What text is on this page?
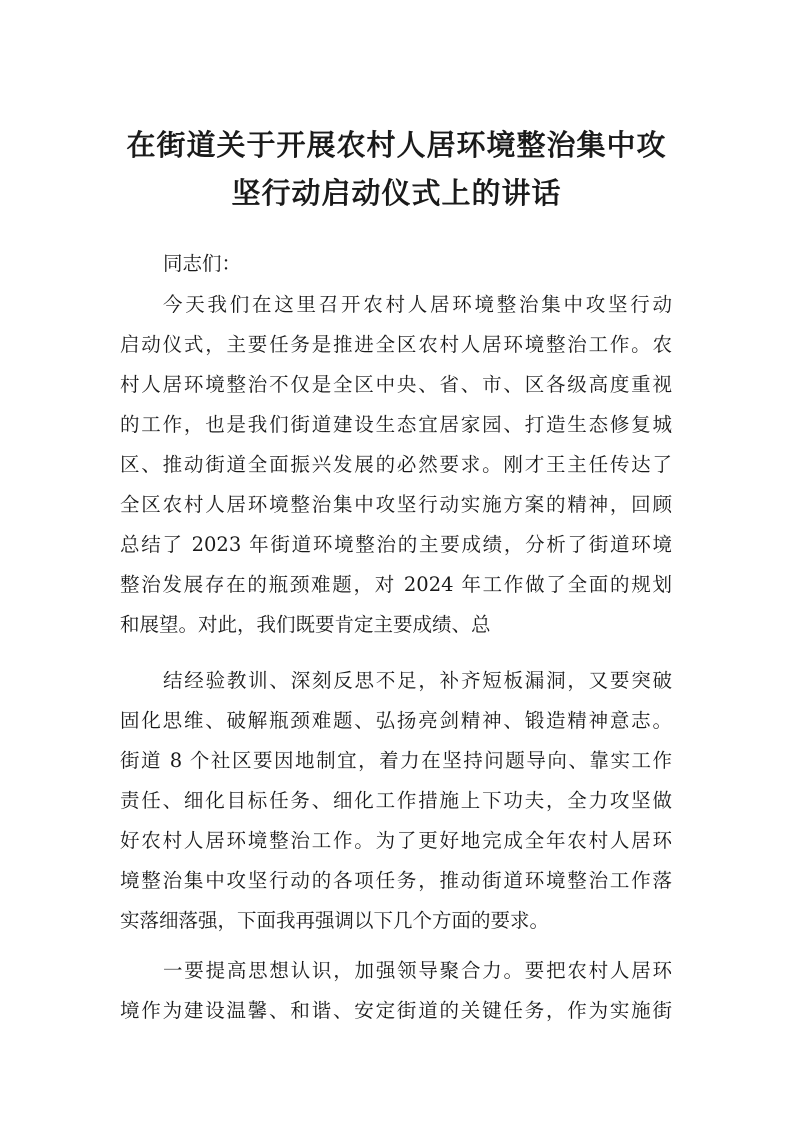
在街道关于开展农村人居环境整治集中攻
坚行动启动仪式上的讲话

同志们：

今天我们在这里召开农村人居环境整治集中攻坚行动

启动仪式，主要任务是推进全区农村人居环境整治工作。农

村人居环境整治不仅是全区中央、省、市、区各级高度重视

的工作，也是我们街道建设生态宜居家园、打造生态修复城

区、推动街道全面振兴发展的必然要求。刚才王主任传达了

全区农村人居环境整治集中攻坚行动实施方案的精神，回顾

总结了 2023 年街道环境整治的主要成绩，分析了街道环境

整治发展存在的瓶颈难题，对 2024 年工作做了全面的规划

和展望。对此，我们既要肯定主要成绩、总

结经验教训、深刻反思不足，补齐短板漏洞，又要突破

固化思维、破解瓶颈难题、弘扬亮剑精神、锻造精神意志。

街道 8 个社区要因地制宜，着力在坚持问题导向、靠实工作

责任、细化目标任务、细化工作措施上下功夫，全力攻坚做

好农村人居环境整治工作。为了更好地完成全年农村人居环

境整治集中攻坚行动的各项任务，推动街道环境整治工作落

实落细落强，下面我再强调以下几个方面的要求。

一要提高思想认识，加强领导聚合力。要把农村人居环

境作为建设温馨、和谐、安定街道的关键任务，作为实施街
